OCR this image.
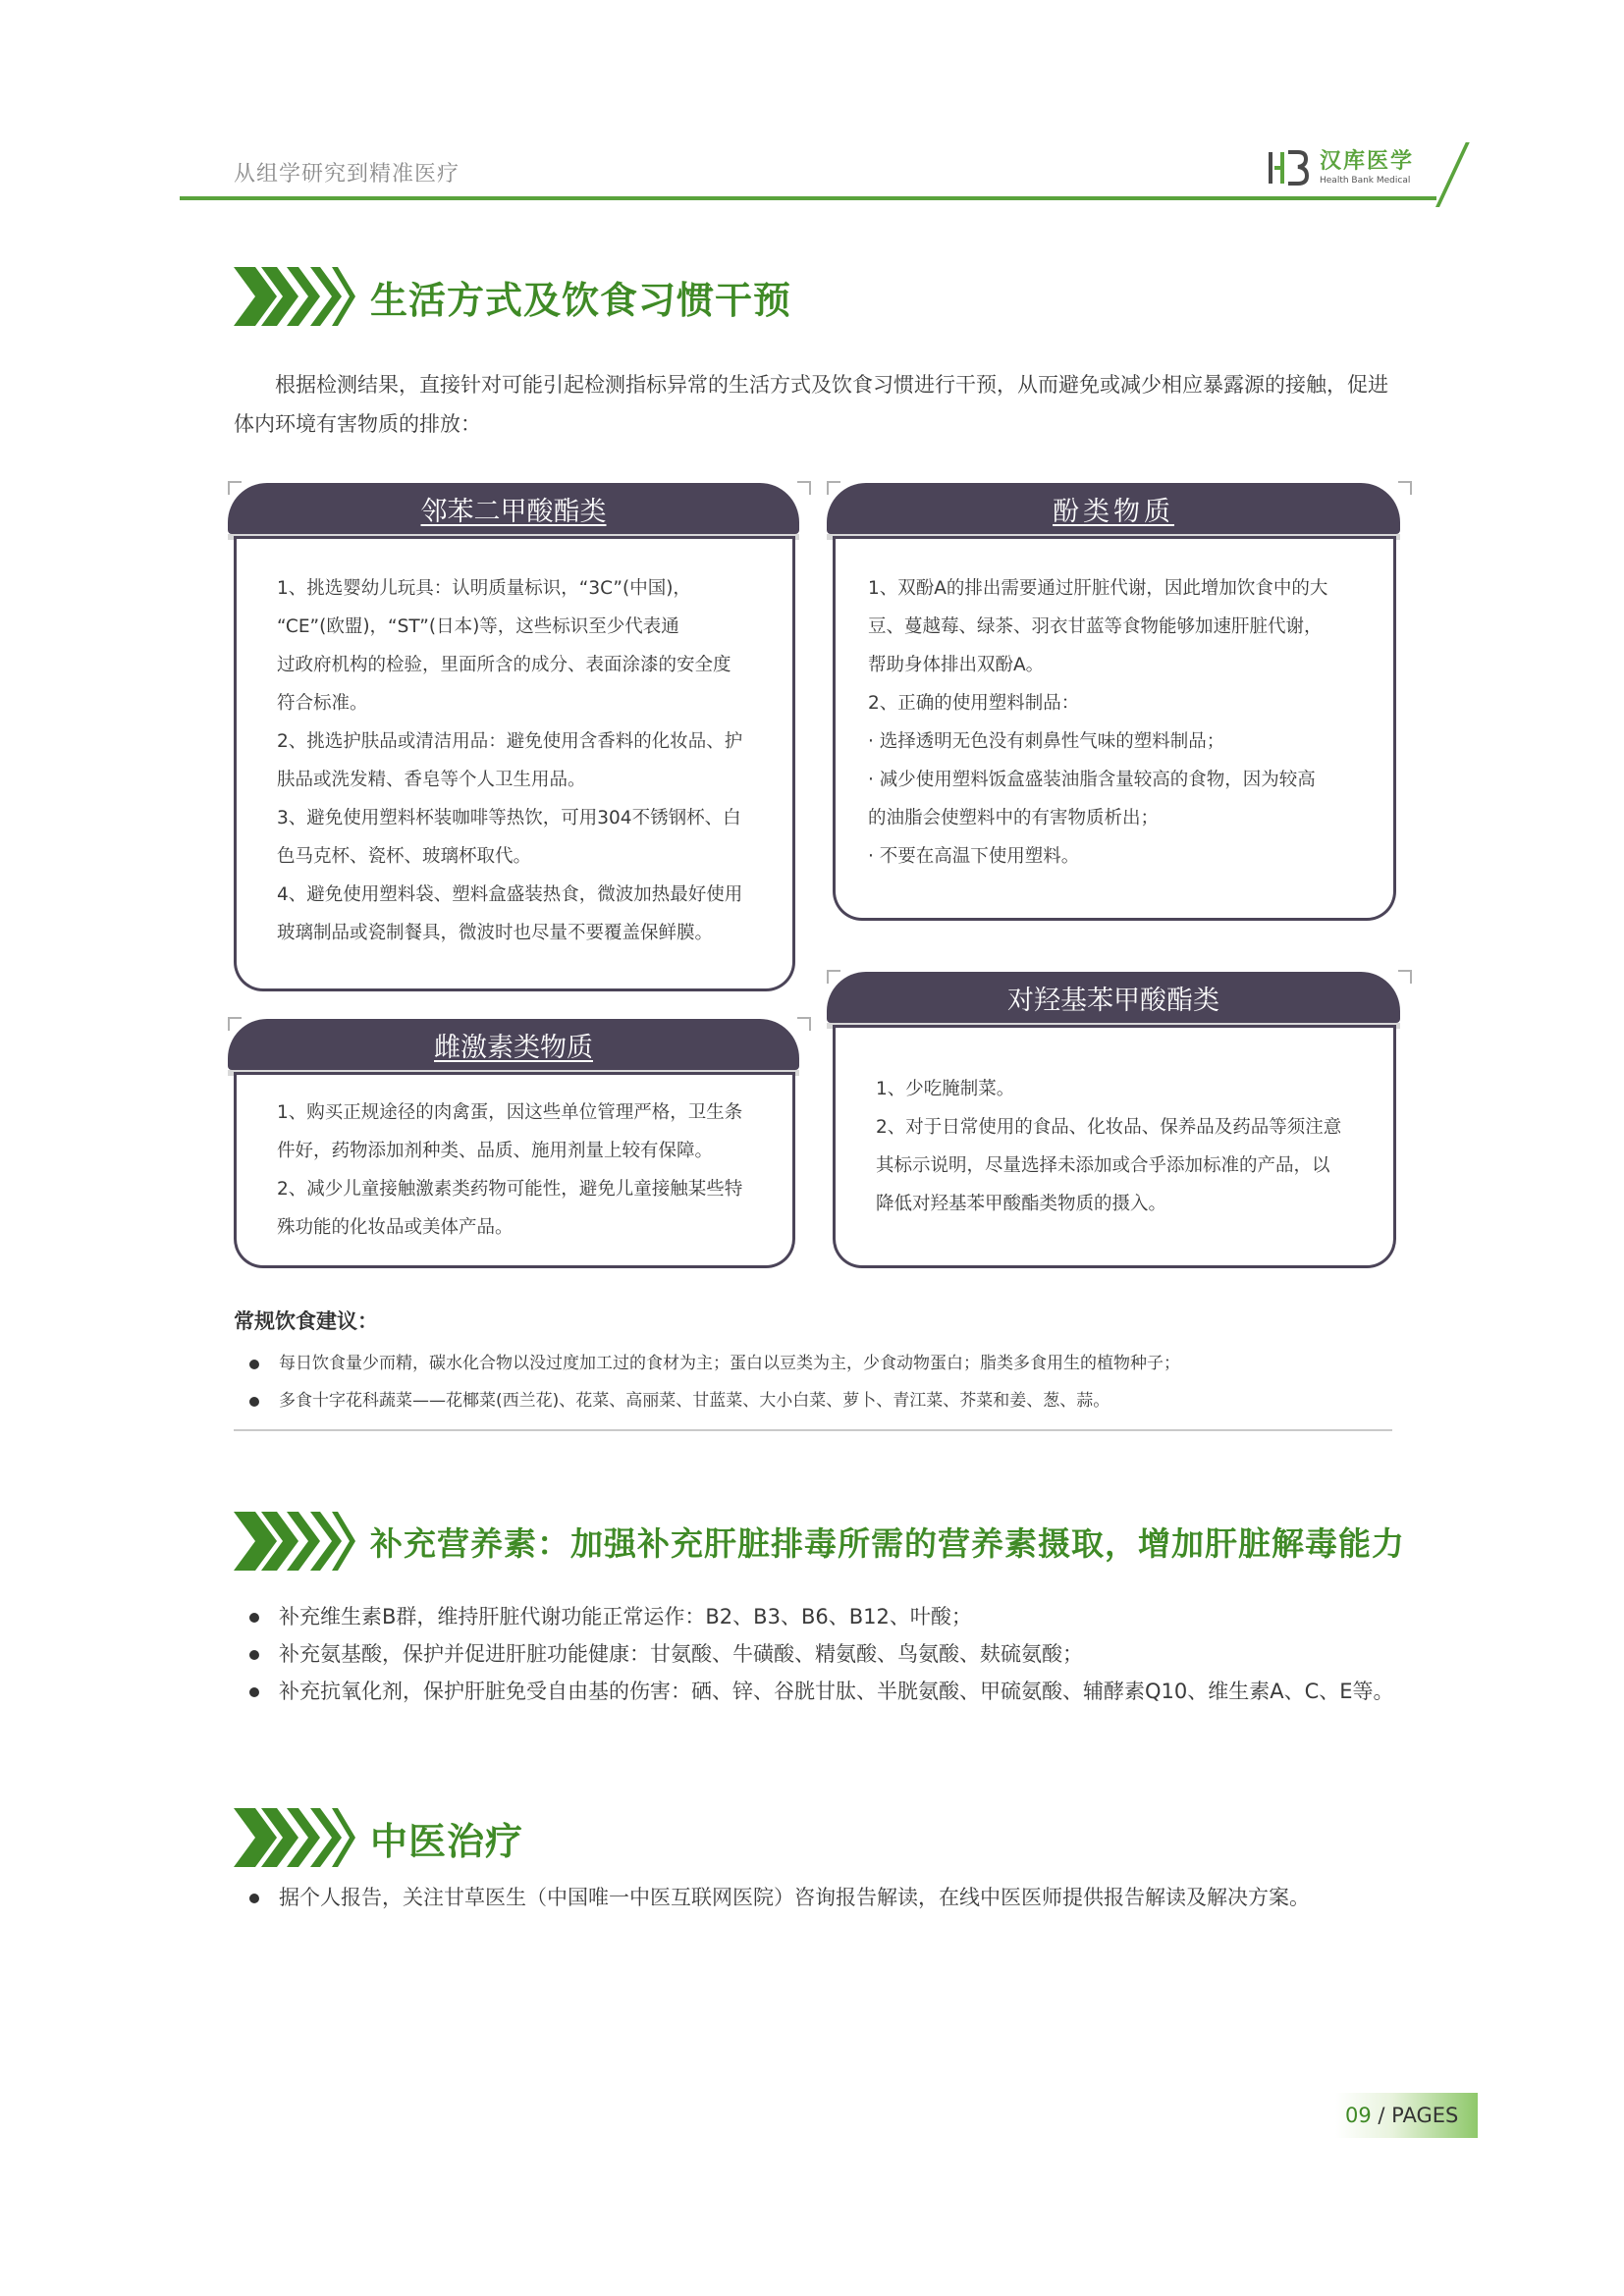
从组学研究到精准医疗
汉库医学
Health Bank Medical
生活方式及饮食习惯干预

根据检测结果，直接针对可能引起检测指标异常的生活方式及饮食习惯进行干预，从而避免或减少相应暴露源的接触，促进体内环境有害物质的排放：

邻苯二甲酸酯类

1、挑选婴幼儿玩具：认明质量标识，“3C”(中国)，

“CE”(欧盟)，“ST”(日本)等，这些标识至少代表通

过政府机构的检验，里面所含的成分、表面涂漆的安全度

符合标准。

2、挑选护肤品或清洁用品：避免使用含香料的化妆品、护

肤品或洗发精、香皂等个人卫生用品。

3、避免使用塑料杯装咖啡等热饮，可用304不锈钢杯、白

色马克杯、瓷杯、玻璃杯取代。

4、避免使用塑料袋、塑料盒盛装热食，微波加热最好使用

玻璃制品或瓷制餐具，微波时也尽量不要覆盖保鲜膜。

酚类物质

1、双酚A的排出需要通过肝脏代谢，因此增加饮食中的大

豆、蔓越莓、绿茶、羽衣甘蓝等食物能够加速肝脏代谢，

帮助身体排出双酚A。

2、正确的使用塑料制品：

· 选择透明无色没有刺鼻性气味的塑料制品；

· 减少使用塑料饭盒盛装油脂含量较高的食物，因为较高

的油脂会使塑料中的有害物质析出；

· 不要在高温下使用塑料。

雌激素类物质

1、购买正规途径的肉禽蛋，因这些单位管理严格，卫生条

件好，药物添加剂种类、品质、施用剂量上较有保障。

2、减少儿童接触激素类药物可能性，避免儿童接触某些特

殊功能的化妆品或美体产品。

对羟基苯甲酸酯类

1、少吃腌制菜。

2、对于日常使用的食品、化妆品、保养品及药品等须注意

其标示说明，尽量选择未添加或合乎添加标准的产品，以

降低对羟基苯甲酸酯类物质的摄入。

常规饮食建议：
每日饮食量少而精，碳水化合物以没过度加工过的食材为主；蛋白以豆类为主，少食动物蛋白；脂类多食用生的植物种子；
多食十字花科蔬菜——花椰菜(西兰花)、花菜、高丽菜、甘蓝菜、大小白菜、萝卜、青江菜、芥菜和姜、葱、蒜。
补充营养素：加强补充肝脏排毒所需的营养素摄取，增加肝脏解毒能力
补充维生素B群，维持肝脏代谢功能正常运作：B2、B3、B6、B12、叶酸；
补充氨基酸，保护并促进肝脏功能健康：甘氨酸、牛磺酸、精氨酸、鸟氨酸、麸硫氨酸；
补充抗氧化剂，保护肝脏免受自由基的伤害：硒、锌、谷胱甘肽、半胱氨酸、甲硫氨酸、辅酵素Q10、维生素A、C、E等。
中医治疗
据个人报告，关注甘草医生（中国唯一中医互联网医院）咨询报告解读，在线中医医师提供报告解读及解决方案。
09 / PAGES
